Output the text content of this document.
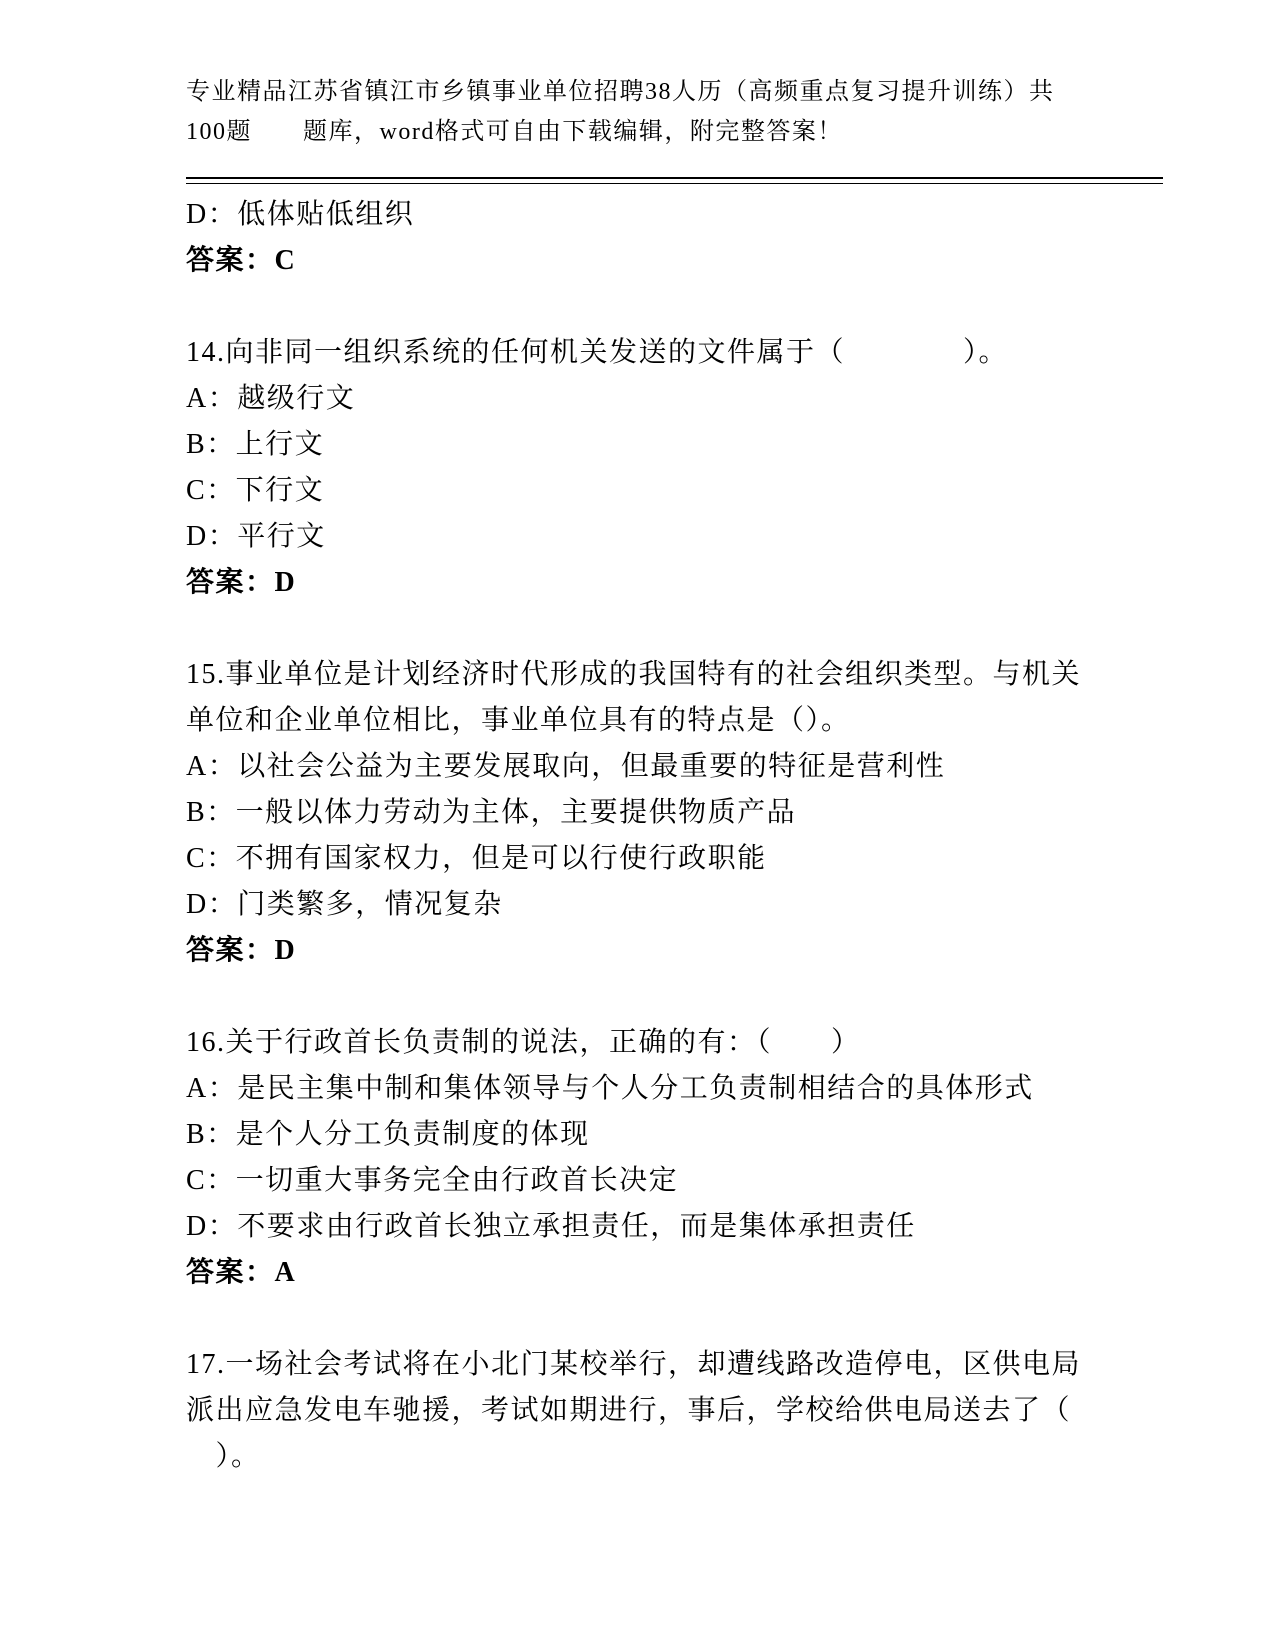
专业精品江苏省镇江市乡镇事业单位招聘38人历（高频重点复习提升训练）共

100题　　题库，word格式可自由下载编辑，附完整答案！

D：低体贴低组织

答案：C

14.向非同一组织系统的任何机关发送的文件属于（　　　　）。

A：越级行文

B：上行文

C：下行文

D：平行文

答案：D

15.事业单位是计划经济时代形成的我国特有的社会组织类型。与机关

单位和企业单位相比，事业单位具有的特点是（）。

A：以社会公益为主要发展取向，但最重要的特征是营利性

B：一般以体力劳动为主体，主要提供物质产品

C：不拥有国家权力，但是可以行使行政职能

D：门类繁多，情况复杂

答案：D

16.关于行政首长负责制的说法，正确的有：（　　）

A：是民主集中制和集体领导与个人分工负责制相结合的具体形式

B：是个人分工负责制度的体现

C：一切重大事务完全由行政首长决定

D：不要求由行政首长独立承担责任，而是集体承担责任

答案：A

17.一场社会考试将在小北门某校举行，却遭线路改造停电，区供电局

派出应急发电车驰援，考试如期进行，事后，学校给供电局送去了（

　）。
